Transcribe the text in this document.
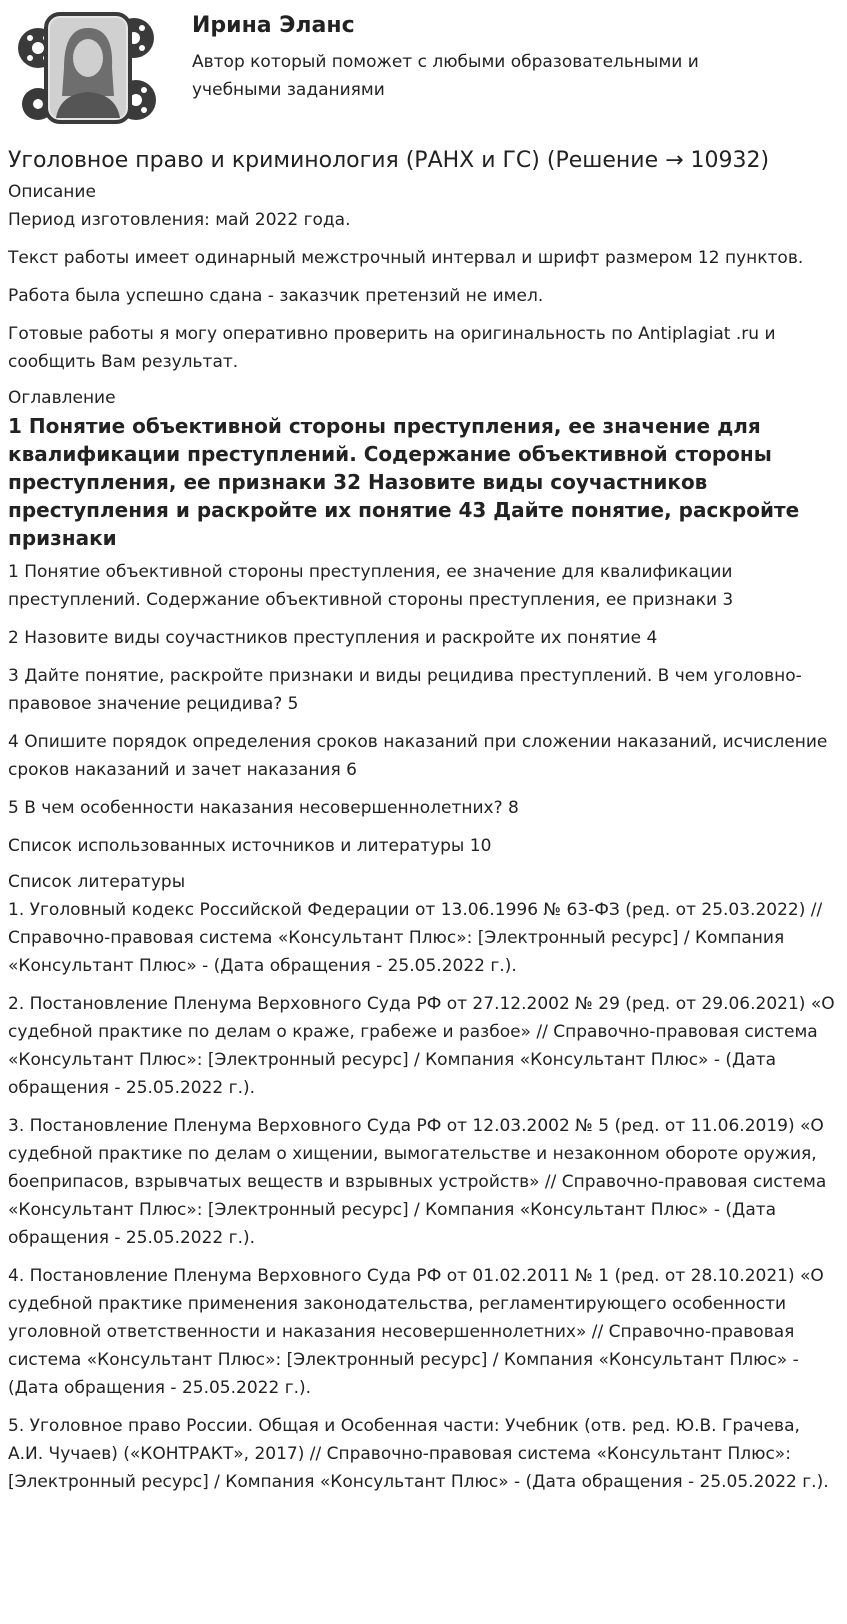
Ирина Эланс

Автор который поможет с любыми образовательными и учебными заданиями

Уголовное право и криминология (РАНХ и ГС) (Решение → 10932)
Описание

Период изготовления: май 2022 года.

Текст работы имеет одинарный межстрочный интервал и шрифт размером 12 пунктов.

Работа была успешно сдана - заказчик претензий не имел.

Готовые работы я могу оперативно проверить на оригинальность по Antiplagiat .ru и сообщить Вам результат.

Оглавление
1 Понятие объективной стороны преступления, ее значение для квалификации преступлений. Содержание объективной стороны преступления, ее признаки 32 Назовите виды соучастников преступления и раскройте их понятие 43 Дайте понятие, раскройте признаки

1 Понятие объективной стороны преступления, ее значение для квалификации преступлений. Содержание объективной стороны преступления, ее признаки 3

2 Назовите виды соучастников преступления и раскройте их понятие 4

3 Дайте понятие, раскройте признаки и виды рецидива преступлений. В чем уголовно-правовое значение рецидива? 5

4 Опишите порядок определения сроков наказаний при сложении наказаний, исчисление сроков наказаний и зачет наказания 6

5 В чем особенности наказания несовершеннолетних? 8

Список использованных источников и литературы 10

Список литературы

1. Уголовный кодекс Российской Федерации от 13.06.1996 № 63-ФЗ (ред. от 25.03.2022) // Справочно-правовая система «Консультант Плюс»: [Электронный ресурс] / Компания «Консультант Плюс» - (Дата обращения - 25.05.2022 г.).

2. Постановление Пленума Верховного Суда РФ от 27.12.2002 № 29 (ред. от 29.06.2021) «О судебной практике по делам о краже, грабеже и разбое» // Справочно-правовая система «Консультант Плюс»: [Электронный ресурс] / Компания «Консультант Плюс» - (Дата обращения - 25.05.2022 г.).

3. Постановление Пленума Верховного Суда РФ от 12.03.2002 № 5 (ред. от 11.06.2019) «О судебной практике по делам о хищении, вымогательстве и незаконном обороте оружия, боеприпасов, взрывчатых веществ и взрывных устройств» // Справочно-правовая система «Консультант Плюс»: [Электронный ресурс] / Компания «Консультант Плюс» - (Дата обращения - 25.05.2022 г.).

4. Постановление Пленума Верховного Суда РФ от 01.02.2011 № 1 (ред. от 28.10.2021) «О судебной практике применения законодательства, регламентирующего особенности уголовной ответственности и наказания несовершеннолетних» // Справочно-правовая система «Консультант Плюс»: [Электронный ресурс] / Компания «Консультант Плюс» - (Дата обращения - 25.05.2022 г.).

5. Уголовное право России. Общая и Особенная части: Учебник (отв. ред. Ю.В. Грачева, А.И. Чучаев) («КОНТРАКТ», 2017) // Справочно-правовая система «Консультант Плюс»: [Электронный ресурс] / Компания «Консультант Плюс» - (Дата обращения - 25.05.2022 г.).
